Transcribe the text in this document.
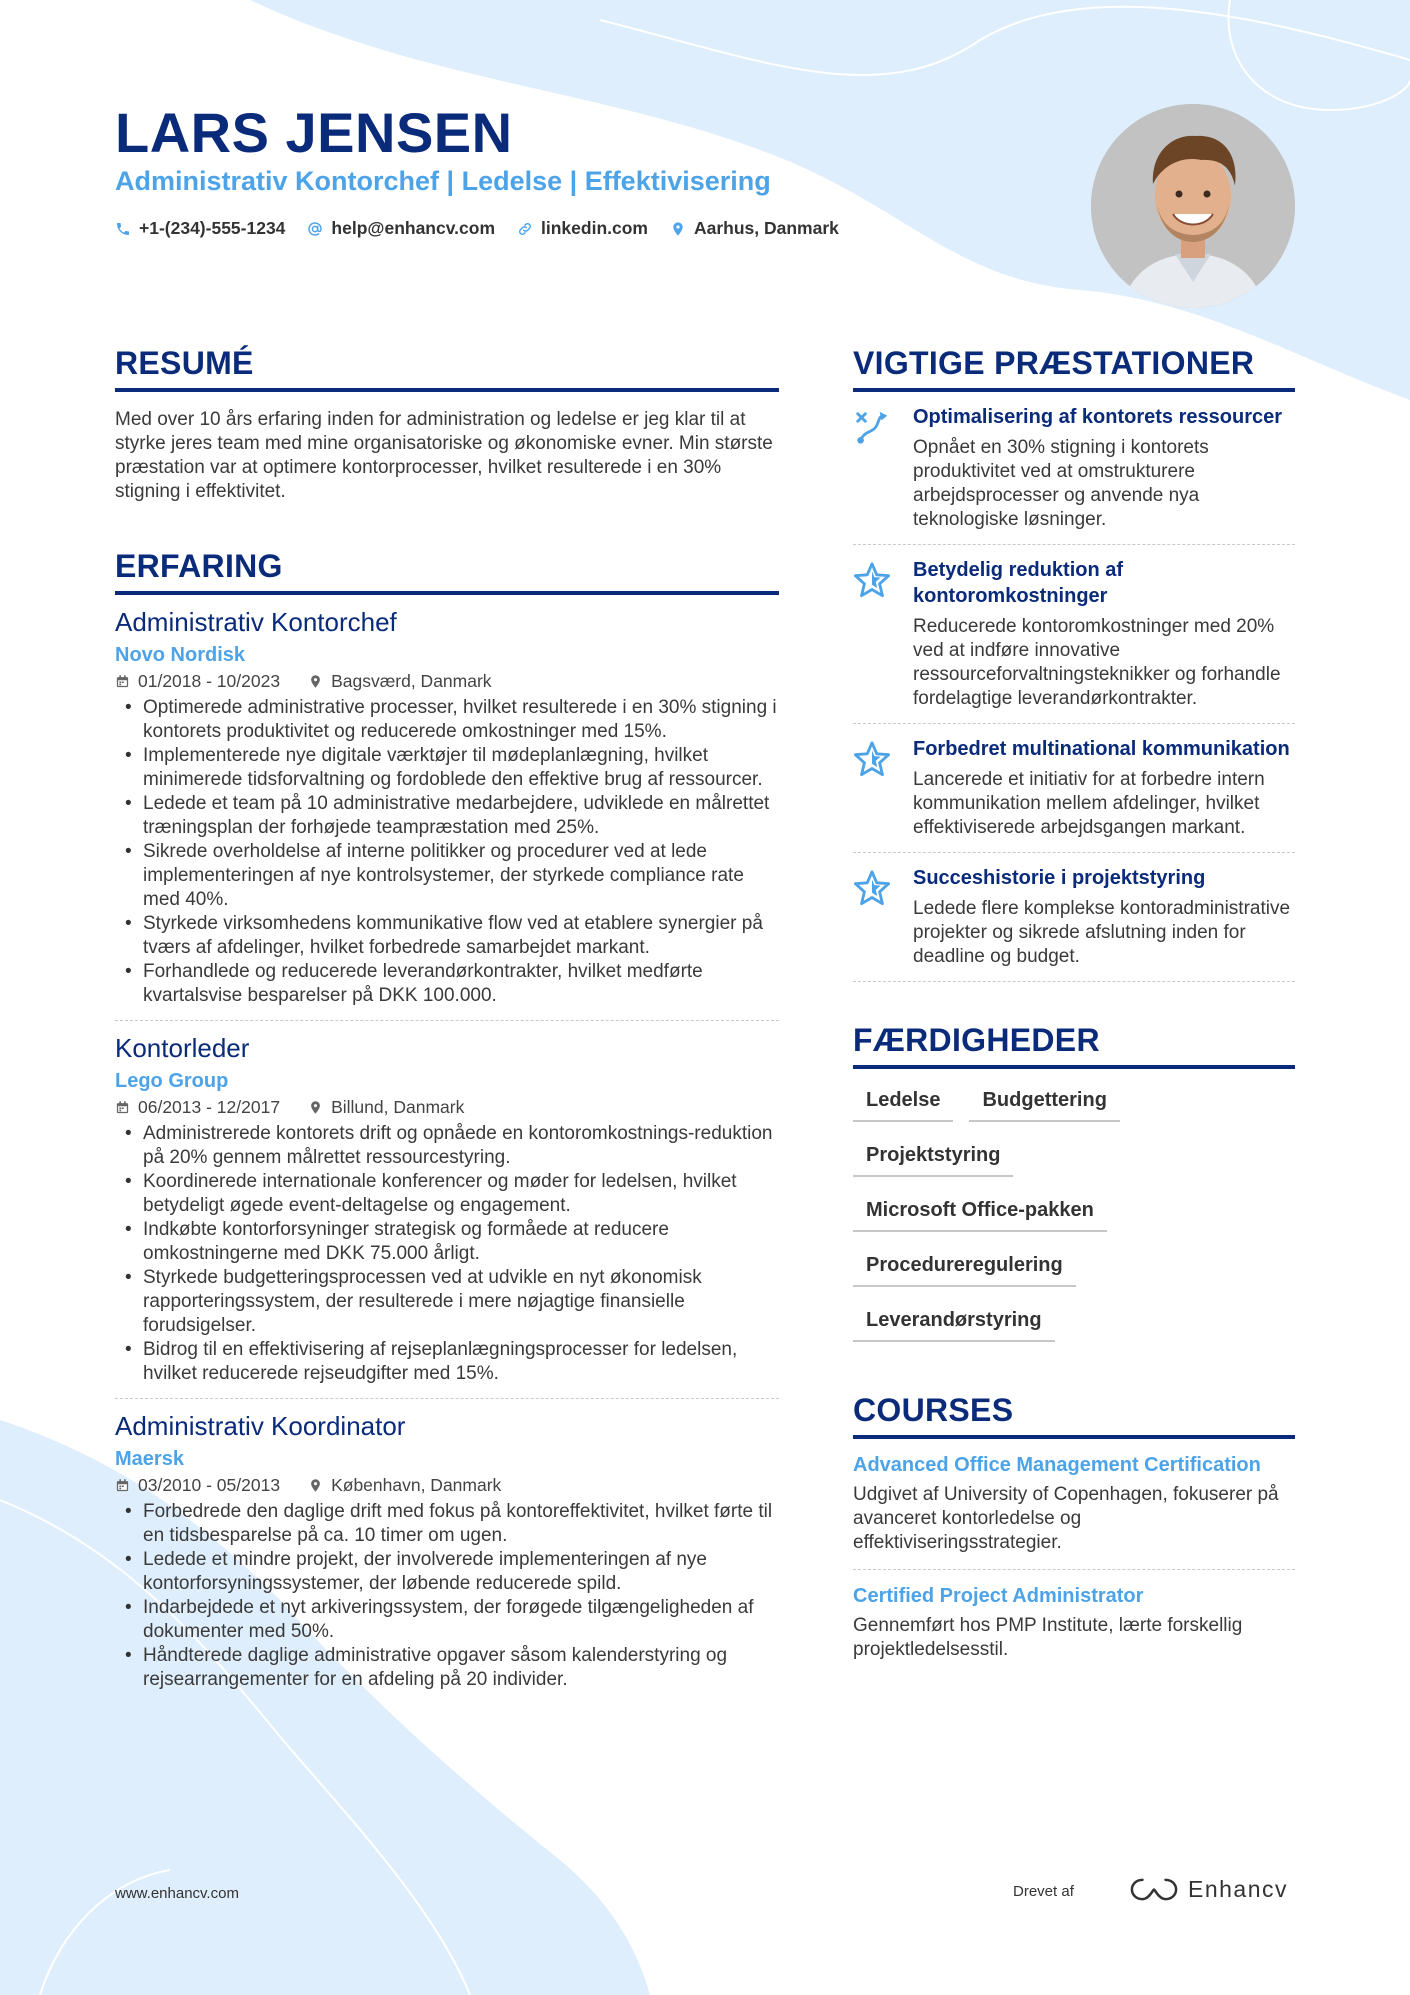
LARS JENSEN
Administrativ Kontorchef | Ledelse | Effektivisering
+1-(234)-555-1234	help@enhancv.com	linkedin.com	Aarhus, Danmark
RESUMÉ

Med over 10 års erfaring inden for administration og ledelse er jeg klar til at styrke jeres team med mine organisatoriske og økonomiske evner. Min største præstation var at optimere kontorprocesser, hvilket resulterede i en 30% stigning i effektivitet.

ERFARING
Administrativ Kontorchef
Novo Nordisk
01/2018 - 10/2023	Bagsværd, Danmark
• Optimerede administrative processer, hvilket resulterede i en 30% stigning i kontorets produktivitet og reducerede omkostninger med 15%.
• Implementerede nye digitale værktøjer til mødeplanlægning, hvilket minimerede tidsforvaltning og fordoblede den effektive brug af ressourcer.
• Ledede et team på 10 administrative medarbejdere, udviklede en målrettet træningsplan der forhøjede teampræstation med 25%.
• Sikrede overholdelse af interne politikker og procedurer ved at lede implementeringen af nye kontrolsystemer, der styrkede compliance rate med 40%.
• Styrkede virksomhedens kommunikative flow ved at etablere synergier på tværs af afdelinger, hvilket forbedrede samarbejdet markant.
• Forhandlede og reducerede leverandørkontrakter, hvilket medførte kvartalsvise besparelser på DKK 100.000.
Kontorleder
Lego Group
06/2013 - 12/2017	Billund, Danmark
• Administrerede kontorets drift og opnåede en kontoromkostnings-reduktion på 20% gennem målrettet ressourcestyring.
• Koordinerede internationale konferencer og møder for ledelsen, hvilket betydeligt øgede event-deltagelse og engagement.
• Indkøbte kontorforsyninger strategisk og formåede at reducere omkostningerne med DKK 75.000 årligt.
• Styrkede budgetteringsprocessen ved at udvikle en nyt økonomisk rapporteringssystem, der resulterede i mere nøjagtige finansielle forudsigelser.
• Bidrog til en effektivisering af rejseplanlægningsprocesser for ledelsen, hvilket reducerede rejseudgifter med 15%.
Administrativ Koordinator
Maersk
03/2010 - 05/2013	København, Danmark
• Forbedrede den daglige drift med fokus på kontoreffektivitet, hvilket førte til en tidsbesparelse på ca. 10 timer om ugen.
• Ledede et mindre projekt, der involverede implementeringen af nye kontorforsyningssystemer, der løbende reducerede spild.
• Indarbejdede et nyt arkiveringssystem, der forøgede tilgængeligheden af dokumenter med 50%.
• Håndterede daglige administrative opgaver såsom kalenderstyring og rejsearrangementer for en afdeling på 20 individer.
VIGTIGE PRÆSTATIONER
Optimalisering af kontorets ressourcer
Opnået en 30% stigning i kontorets produktivitet ved at omstrukturere arbejdsprocesser og anvende nya teknologiske løsninger.
Betydelig reduktion af kontoromkostninger
Reducerede kontoromkostninger med 20% ved at indføre innovative ressourceforvaltningsteknikker og forhandle fordelagtige leverandørkontrakter.
Forbedret multinational kommunikation
Lancerede et initiativ for at forbedre intern kommunikation mellem afdelinger, hvilket effektiviserede arbejdsgangen markant.
Succeshistorie i projektstyring
Ledede flere komplekse kontoradministrative projekter og sikrede afslutning inden for deadline og budget.
FÆRDIGHEDER
Ledelse	Budgettering
Projektstyring
Microsoft Office-pakken
Procedureregulering
Leverandørstyring
COURSES
Advanced Office Management Certification
Udgivet af University of Copenhagen, fokuserer på avanceret kontorledelse og effektiviseringsstrategier.
Certified Project Administrator
Gennemført hos PMP Institute, lærte forskellig projektledelsesstil.
www.enhancv.com	Drevet af	Enhancv
